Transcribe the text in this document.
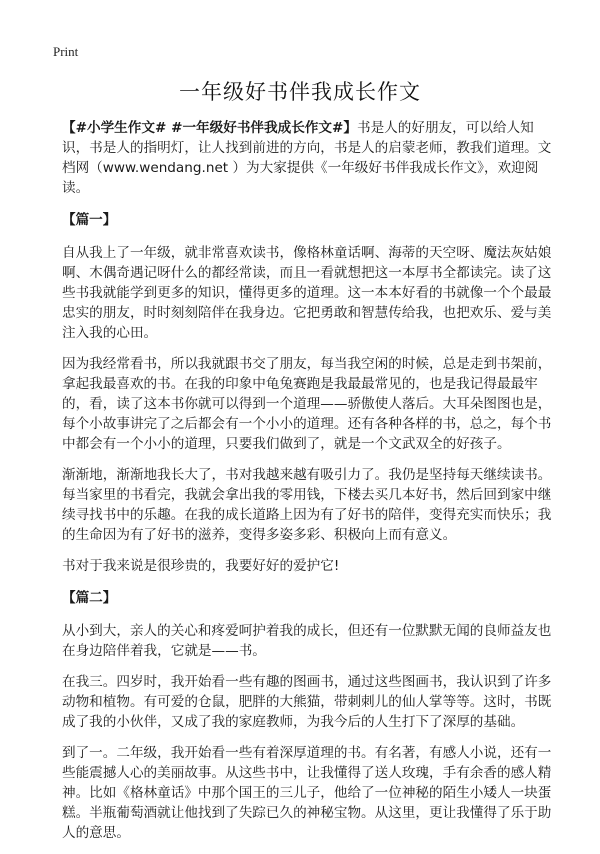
Print
一年级好书伴我成长作文

【#小学生作文# #一年级好书伴我成长作文#】书是人的好朋友，可以给人知识，书是人的指明灯，让人找到前进的方向，书是人的启蒙老师，教我们道理。文档网（www.wendang.net ）为大家提供《一年级好书伴我成长作文》，欢迎阅读。

【篇一】

自从我上了一年级，就非常喜欢读书，像格林童话啊、海蒂的天空呀、魔法灰姑娘啊、木偶奇遇记呀什么的都经常读，而且一看就想把这一本厚书全都读完。读了这些书我就能学到更多的知识，懂得更多的道理。这一本本好看的书就像一个个最最忠实的朋友，时时刻刻陪伴在我身边。它把勇敢和智慧传给我，也把欢乐、爱与美注入我的心田。

因为我经常看书，所以我就跟书交了朋友，每当我空闲的时候，总是走到书架前，拿起我最喜欢的书。在我的印象中龟兔赛跑是我最最常见的，也是我记得最最牢的，看，读了这本书你就可以得到一个道理——骄傲使人落后。大耳朵图图也是，每个小故事讲完了之后都会有一个小小的道理。还有各种各样的书，总之，每个书中都会有一个小小的道理，只要我们做到了，就是一个文武双全的好孩子。

渐渐地，渐渐地我长大了，书对我越来越有吸引力了。我仍是坚持每天继续读书。每当家里的书看完，我就会拿出我的零用钱，下楼去买几本好书，然后回到家中继续寻找书中的乐趣。在我的成长道路上因为有了好书的陪伴，变得充实而快乐；我的生命因为有了好书的滋养，变得多姿多彩、积极向上而有意义。

书对于我来说是很珍贵的，我要好好的爱护它!

【篇二】

从小到大，亲人的关心和疼爱呵护着我的成长，但还有一位默默无闻的良师益友也在身边陪伴着我，它就是——书。

在我三。四岁时，我开始看一些有趣的图画书，通过这些图画书，我认识到了许多动物和植物。有可爱的仓鼠，肥胖的大熊猫，带刺刺儿的仙人掌等等。这时，书既成了我的小伙伴，又成了我的家庭教师，为我今后的人生打下了深厚的基础。

到了一。二年级，我开始看一些有着深厚道理的书。有名著，有感人小说，还有一些能震撼人心的美丽故事。从这些书中，让我懂得了送人玫瑰，手有余香的感人精神。比如《格林童话》中那个国王的三儿子，他给了一位神秘的陌生小矮人一块蛋糕。半瓶葡萄酒就让他找到了失踪已久的神秘宝物。从这里，更让我懂得了乐于助人的意思。
